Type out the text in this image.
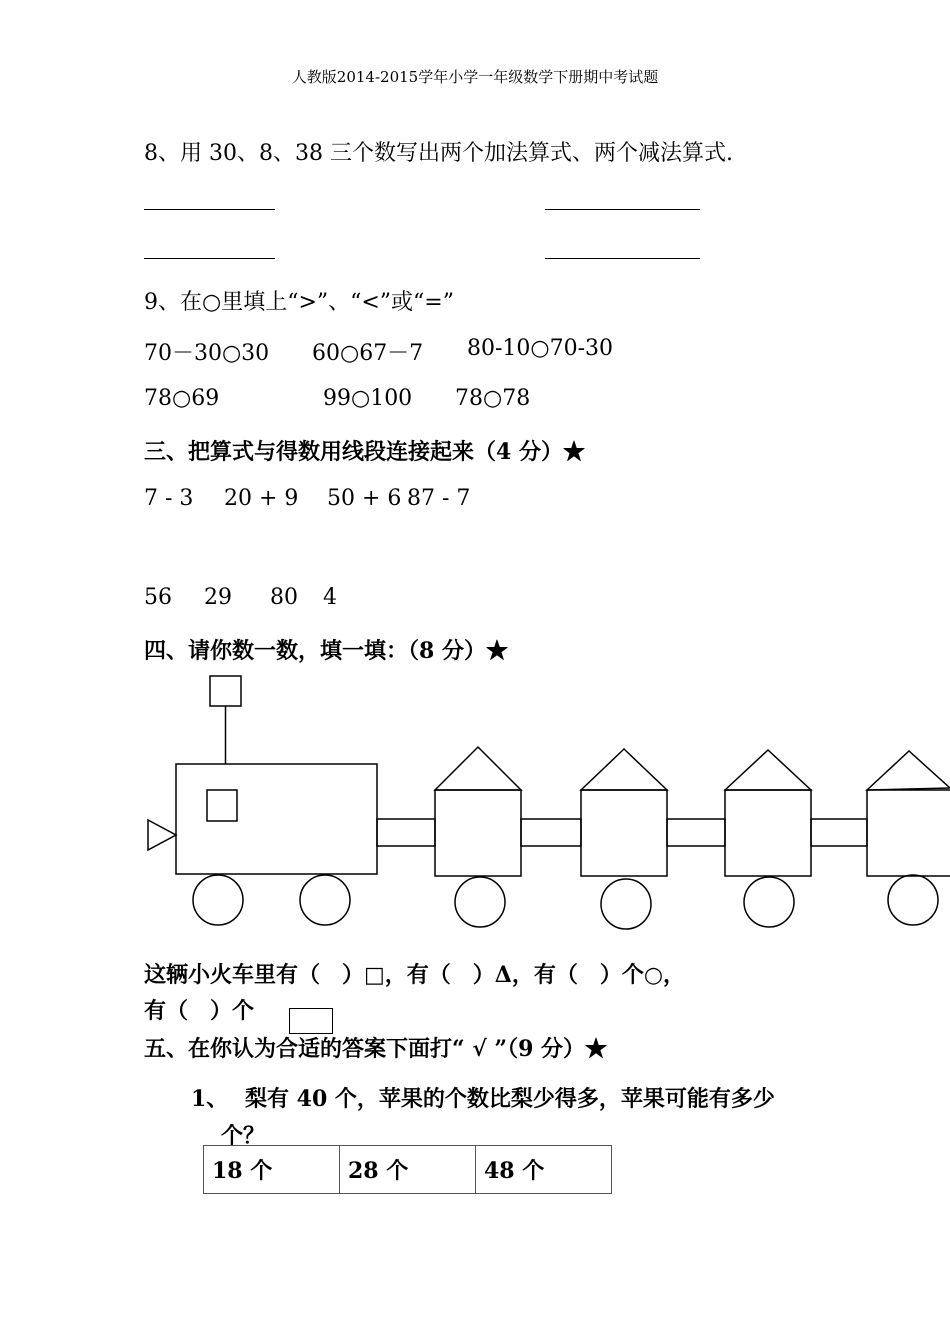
人教版2014-2015学年小学一年级数学下册期中考试题
8、用 30、8、38 三个数写出两个加法算式、两个减法算式.
9、在○里填上“>”、“<”或“=”
70－30○30 60○67－7 80-10○70-30
78○69	99○100 78○78
三、把算式与得数用线段连接起来（4 分）★
7 - 3 20 + 9 50 + 6 87 - 7
56 29 80 4
四、请你数一数，填一填：（8 分）★
这辆小火车里有（　）□，有（　）Δ，有（　）个○，
有（　）个
五、在你认为合适的答案下面打“ √ ”（9 分）★
1、 梨有 40 个，苹果的个数比梨少得多，苹果可能有多少
个？
18 个	28 个	48 个
